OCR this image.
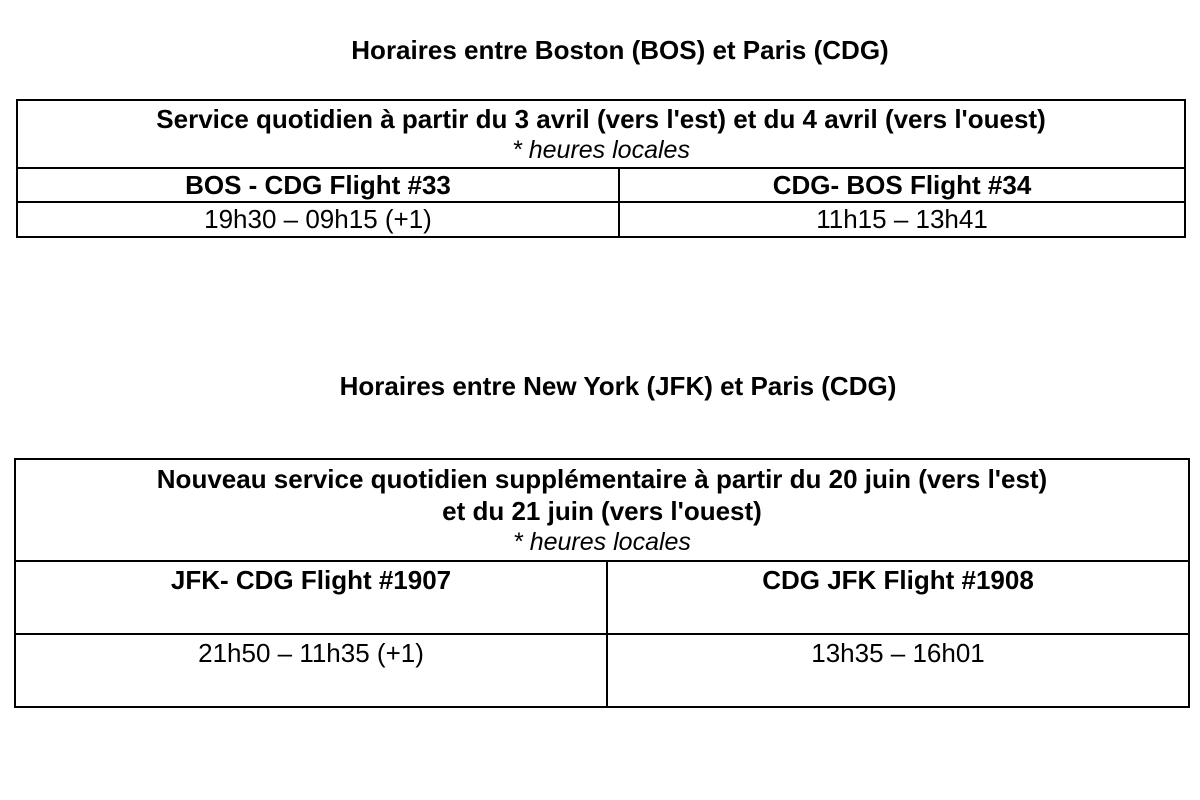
Horaires entre Boston (BOS) et Paris (CDG)
Service quotidien à partir du 3 avril (vers l'est) et du 4 avril (vers l'ouest)
* heures locales	

BOS - CDG Flight #33	CDG- BOS Flight #34
19h30 – 09h15 (+1)	11h15 – 13h41
Horaires entre New York (JFK) et Paris (CDG)
Nouveau service quotidien supplémentaire à partir du 20 juin (vers l'est)
et du 21 juin (vers l'ouest)
* heures locales	

JFK- CDG Flight #1907	CDG JFK Flight #1908
21h50 – 11h35 (+1)	13h35 – 16h01
